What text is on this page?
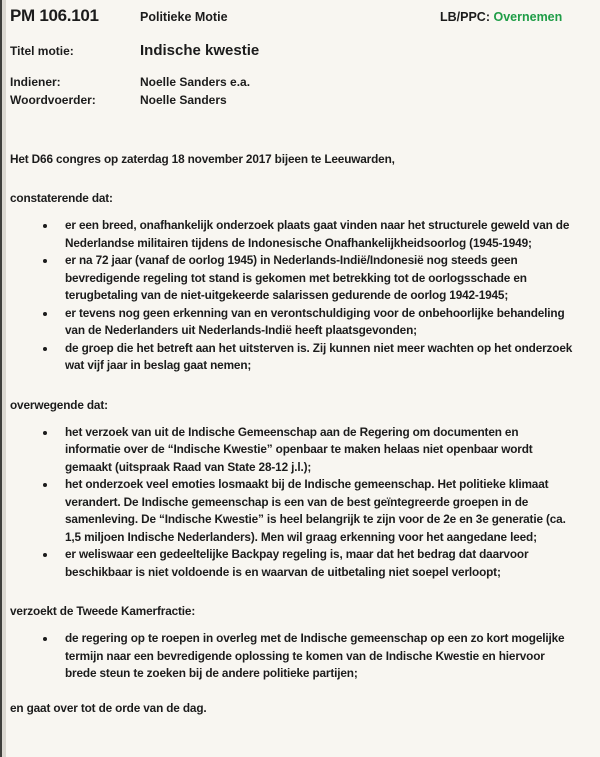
PM 106.101	Politieke Motie	LB/PPC: Overnemen
Titel motie:	Indische kwestie
Indiener:	Noelle Sanders e.a.
Woordvoerder:	Noelle Sanders
Het D66 congres op zaterdag 18 november 2017 bijeen te Leeuwarden,
constaterende dat:
• er een breed, onafhankelijk onderzoek plaats gaat vinden naar het structurele geweld van de Nederlandse militairen tijdens de Indonesische Onafhankelijkheidsoorlog (1945-1949;
• er na 72 jaar (vanaf de oorlog 1945) in Nederlands-Indië/Indonesië nog steeds geen bevredigende regeling tot stand is gekomen met betrekking tot de oorlogsschade en terugbetaling van de niet-uitgekeerde salarissen gedurende de oorlog 1942-1945;
• er tevens nog geen erkenning van en verontschuldiging voor de onbehoorlijke behandeling van de Nederlanders uit Nederlands-Indië heeft plaatsgevonden;
• de groep die het betreft aan het uitsterven is. Zij kunnen niet meer wachten op het onderzoek wat vijf jaar in beslag gaat nemen;
overwegende dat:
• het verzoek van uit de Indische Gemeenschap aan de Regering om documenten en informatie over de “Indische Kwestie” openbaar te maken helaas niet openbaar wordt gemaakt (uitspraak Raad van State 28-12 j.l.);
• het onderzoek veel emoties losmaakt bij de Indische gemeenschap. Het politieke klimaat verandert. De Indische gemeenschap is een van de best geïntegreerde groepen in de samenleving. De “Indische Kwestie” is heel belangrijk te zijn voor de 2e en 3e generatie (ca. 1,5 miljoen Indische Nederlanders). Men wil graag erkenning voor het aangedane leed;
• er weliswaar een gedeeltelijke Backpay regeling is, maar dat het bedrag dat daarvoor beschikbaar is niet voldoende is en waarvan de uitbetaling niet soepel verloopt;
verzoekt de Tweede Kamerfractie:
• de regering op te roepen in overleg met de Indische gemeenschap op een zo kort mogelijke termijn naar een bevredigende oplossing te komen van de Indische Kwestie en hiervoor brede steun te zoeken bij de andere politieke partijen;
en gaat over tot de orde van de dag.
